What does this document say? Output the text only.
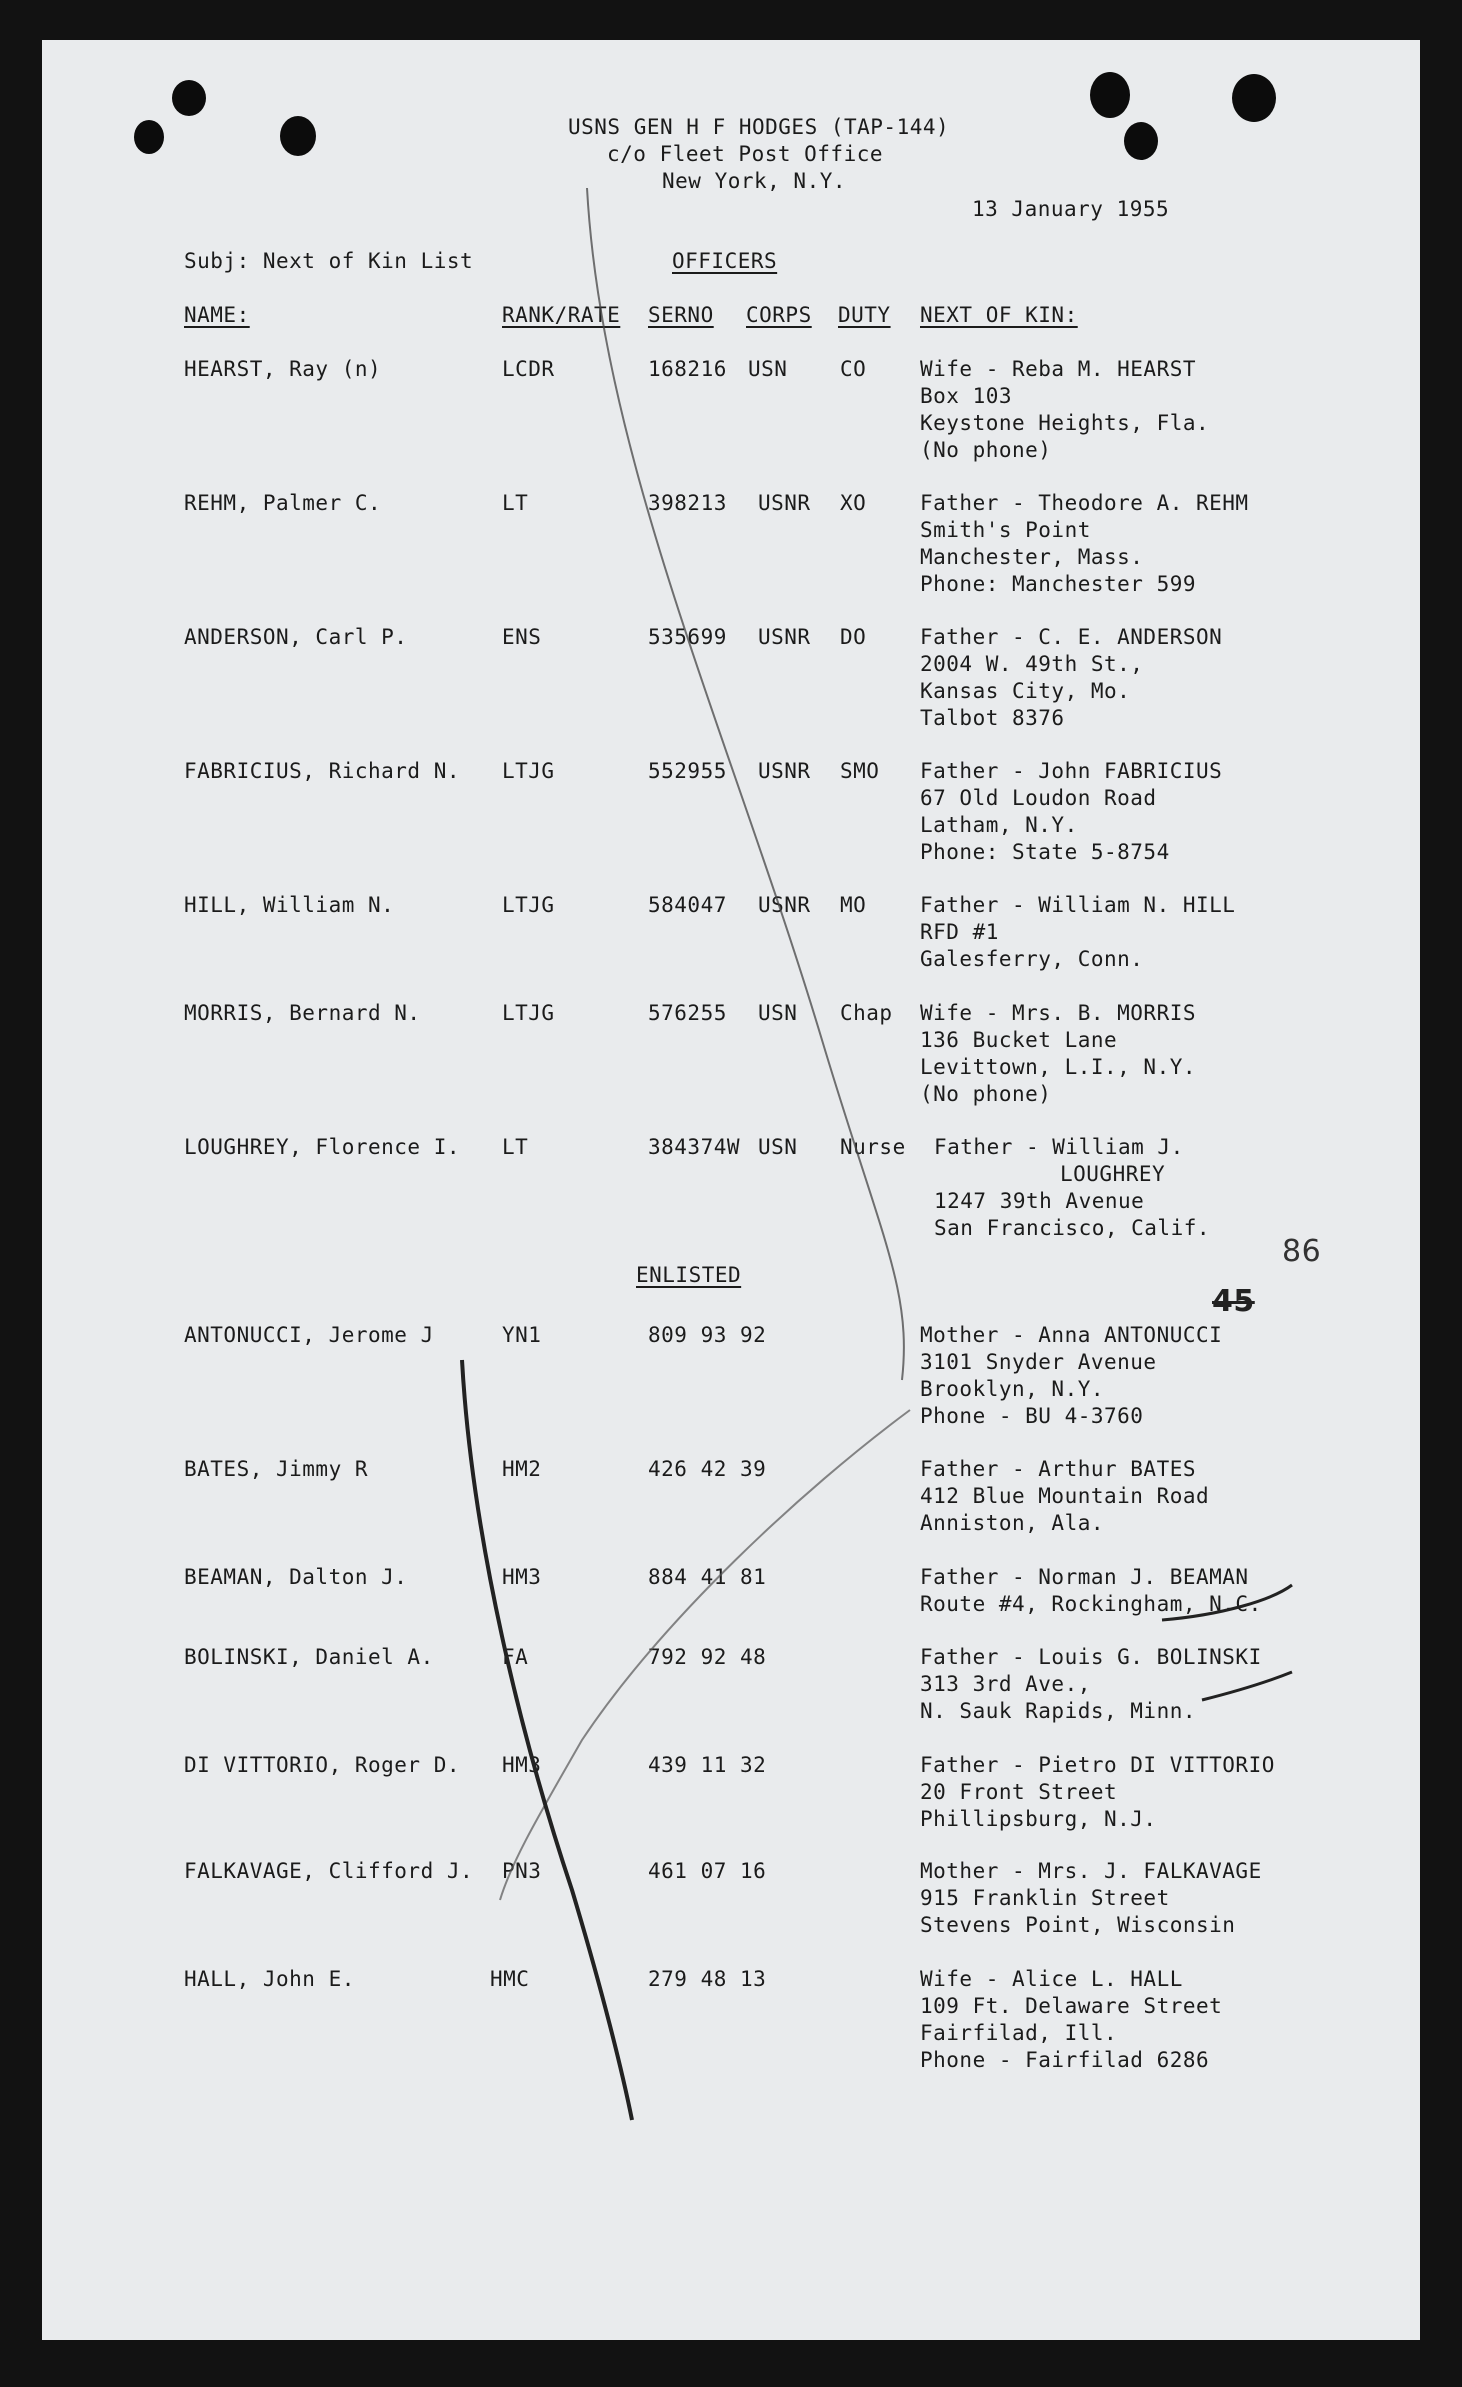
USNS GEN H F HODGES (TAP-144)
c/o Fleet Post Office
New York, N.Y.
13 January 1955
Subj: Next of Kin List	OFFICERS
NAME:	RANK/RATE SERNO CORPS DUTY NEXT OF KIN:
HEARST, Ray (n)	LCDR	168216 USN	CO	Wife - Reba M. HEARST
Box 103
Keystone Heights, Fla.
(No phone)
REHM, Palmer C.	LT	398213 USNR XO	Father - Theodore A. REHM
Smith's Point
Manchester, Mass.
Phone: Manchester 599
ANDERSON, Carl P.	ENS	535699 USNR DO	Father - C. E. ANDERSON
2004 W. 49th St.,
Kansas City, Mo.
Talbot 8376
FABRICIUS, Richard N. LTJG	552955 USNR SMO Father - John FABRICIUS
67 Old Loudon Road
Latham, N.Y.
Phone: State 5-8754
HILL, William N.	LTJG	584047 USNR MO	Father - William N. HILL
RFD #1
Galesferry, Conn.
MORRIS, Bernard N.	LTJG	576255 USN Chap Wife - Mrs. B. MORRIS
136 Bucket Lane
Levittown, L.I., N.Y.
(No phone)
LOUGHREY, Florence I. LT	384374W USN Nurse Father - William J.
LOUGHREY
1247 39th Avenue
San Francisco, Calif.
86
45
ENLISTED
ANTONUCCI, Jerome J	YN1	809 93 92	Mother - Anna ANTONUCCI
3101 Snyder Avenue
Brooklyn, N.Y.
Phone - BU 4-3760
BATES, Jimmy R	HM2	426 42 39	Father - Arthur BATES
412 Blue Mountain Road
Anniston, Ala.
BEAMAN, Dalton J.	HM3	884 41 81	Father - Norman J. BEAMAN
Route #4, Rockingham, N.C.
BOLINSKI, Daniel A.	FA	792 92 48	Father - Louis G. BOLINSKI
313 3rd Ave.,
N. Sauk Rapids, Minn.
DI VITTORIO, Roger D. HM3	439 11 32	Father - Pietro DI VITTORIO
20 Front Street
Phillipsburg, N.J.
FALKAVAGE, Clifford J. PN3	461 07 16	Mother - Mrs. J. FALKAVAGE
915 Franklin Street
Stevens Point, Wisconsin
HALL, John E.	HMC	279 48 13	Wife - Alice L. HALL
109 Ft. Delaware Street
Fairfilad, Ill.
Phone - Fairfilad 6286
